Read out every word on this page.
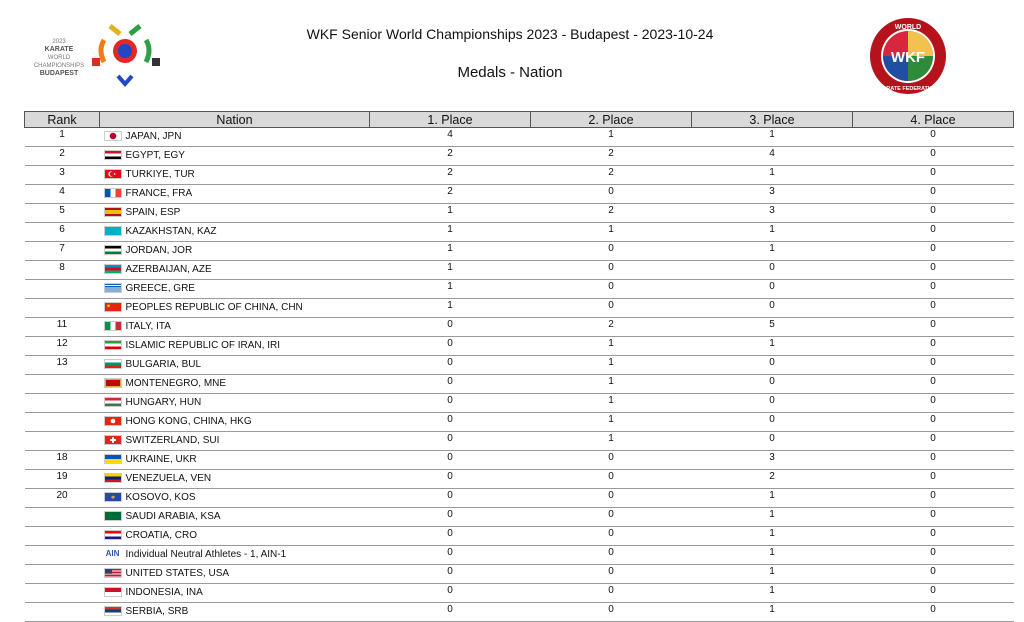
2023
KARATE
WORLD CHAMPIONSHIPS
BUDAPEST
WKF Senior World Championships 2023 - Budapest - 2023-10-24
Medals - Nation
WORLD
WKF
KARATE FEDERATION
Rank	Nation	1. Place	2. Place	3. Place	4. Place
1	JAPAN, JPN	4	1	1	0
2	EGYPT, EGY	2	2	4	0
3	TURKIYE, TUR	2	2	1	0
4	FRANCE, FRA	2	0	3	0
5	SPAIN, ESP	1	2	3	0
6	KAZAKHSTAN, KAZ	1	1	1	0
7	JORDAN, JOR	1	0	1	0
8	AZERBAIJAN, AZE	1	0	0	0
	GREECE, GRE	1	0	0	0
	PEOPLES REPUBLIC OF CHINA, CHN	1	0	0	0
11	ITALY, ITA	0	2	5	0
12	ISLAMIC REPUBLIC OF IRAN, IRI	0	1	1	0
13	BULGARIA, BUL	0	1	0	0
	MONTENEGRO, MNE	0	1	0	0
	HUNGARY, HUN	0	1	0	0
	HONG KONG, CHINA, HKG	0	1	0	0
	SWITZERLAND, SUI	0	1	0	0
18	UKRAINE, UKR	0	0	3	0
19	VENEZUELA, VEN	0	0	2	0
20	KOSOVO, KOS	0	0	1	0
	SAUDI ARABIA, KSA	0	0	1	0
	CROATIA, CRO	0	0	1	0
	AIN Individual Neutral Athletes - 1, AIN-1	0	0	1	0
	UNITED STATES, USA	0	0	1	0
	INDONESIA, INA	0	0	1	0
	SERBIA, SRB	0	0	1	0
